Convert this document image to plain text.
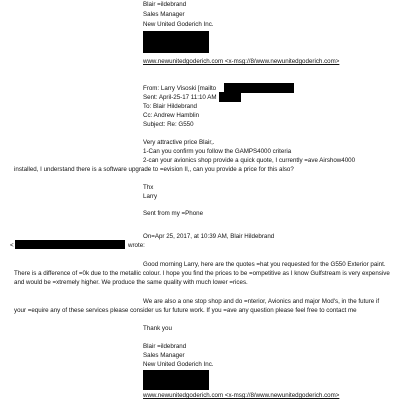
Blair =ildebrand
Sales Manager
New United Goderich Inc.
www.newunitedgoderich.com <x-msg://8/www.newunitedgoderich.com>
From: Larry Visoski [mailto
Sent: April-25-17 11:10 AM
To: Blair Hildebrand
Cc: Andrew Hamblin
Subject: Re: G550
Very attractive price Blair,.
1-Can you confirm you follow the GAMPS4000 criteria
2-can your avionics shop provide a quick quote, I currently =ave Airshow4000
installed, I understand there is a software upgrade to =evision II,, can you provide a price for this also?
Thx
Larry
Sent from my =Phone
On=Apr 25, 2017, at 10:39 AM, Blair Hildebrand
<	wrote:
Good morning Larry, here are the quotes =hat you requested for the G550 Exterior paint. There is a difference of =0k due to the metallic colour. I hope you find the prices to be =ompetitive as I know Gulfstream is very expensive and would be =xtremely higher. We produce the same quality with much lower =rices.
We are also a one stop shop and do =nterior, Avionics and major Mod's, in the future if your =equire any of these services please consider us fur future work. If you =ave any question please feel free to contact me
Thank you
Blair =ildebrand
Sales Manager
New United Goderich Inc.
www.newunitedgoderich.com <x-msg://8/www.newunitedgoderich.com>
